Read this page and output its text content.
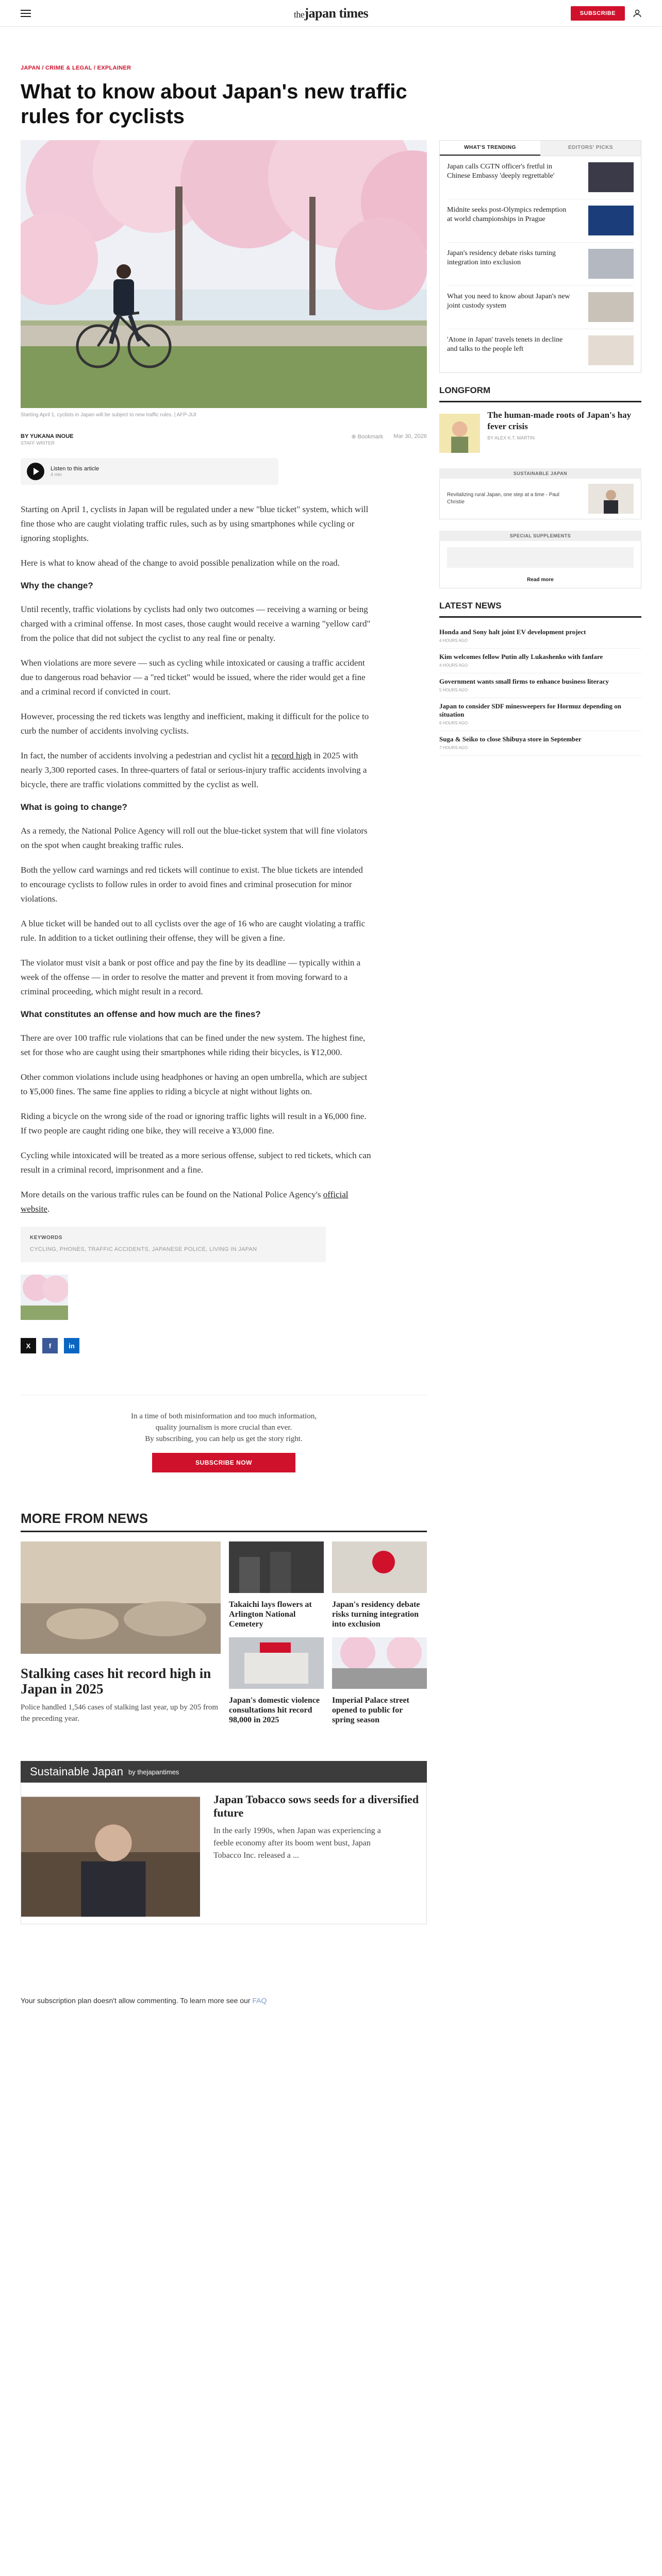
thejapan times	SUBSCRIBE
JAPAN / CRIME & LEGAL / EXPLAINER
What to know about Japan's new traffic rules for cyclists
Starting April 1, cyclists in Japan will be subject to new traffic rules. | AFP-JIJI
BY YUKANA INOUE
STAFF WRITER
⊕ Bookmark Mar 30, 2026
Listen to this article
4 min

Starting on April 1, cyclists in Japan will be regulated under a new "blue ticket" system, which will fine those who are caught violating traffic rules, such as by using smartphones while cycling or ignoring stoplights.

Here is what to know ahead of the change to avoid possible penalization while on the road.

Why the change?

Until recently, traffic violations by cyclists had only two outcomes — receiving a warning or being charged with a criminal offense. In most cases, those caught would receive a warning "yellow card" from the police that did not subject the cyclist to any real fine or penalty.

When violations are more severe — such as cycling while intoxicated or causing a traffic accident due to dangerous road behavior — a "red ticket" would be issued, where the rider would get a fine and a criminal record if convicted in court.

However, processing the red tickets was lengthy and inefficient, making it difficult for the police to curb the number of accidents involving cyclists.

In fact, the number of accidents involving a pedestrian and cyclist hit a record high in 2025 with nearly 3,300 reported cases. In three-quarters of fatal or serious-injury traffic accidents involving a bicycle, there are traffic violations committed by the cyclist as well.

What is going to change?

As a remedy, the National Police Agency will roll out the blue-ticket system that will fine violators on the spot when caught breaking traffic rules.

Both the yellow card warnings and red tickets will continue to exist. The blue tickets are intended to encourage cyclists to follow rules in order to avoid fines and criminal prosecution for minor violations.

A blue ticket will be handed out to all cyclists over the age of 16 who are caught violating a traffic rule. In addition to a ticket outlining their offense, they will be given a fine.

The violator must visit a bank or post office and pay the fine by its deadline — typically within a week of the offense — in order to resolve the matter and prevent it from moving forward to a criminal proceeding, which might result in a record.

What constitutes an offense and how much are the fines?

There are over 100 traffic rule violations that can be fined under the new system. The highest fine, set for those who are caught using their smartphones while riding their bicycles, is ¥12,000.

Other common violations include using headphones or having an open umbrella, which are subject to ¥5,000 fines. The same fine applies to riding a bicycle at night without lights on.

Riding a bicycle on the wrong side of the road or ignoring traffic lights will result in a ¥6,000 fine. If two people are caught riding one bike, they will receive a ¥3,000 fine.

Cycling while intoxicated will be treated as a more serious offense, subject to red tickets, which can result in a criminal record, imprisonment and a fine.

More details on the various traffic rules can be found on the National Police Agency's official website.

KEYWORDS
CYCLING, PHONES, TRAFFIC ACCIDENTS, JAPANESE POLICE, LIVING IN JAPAN
X	f	in

In a time of both misinformation and too much information,

quality journalism is more crucial than ever.

By subscribing, you can help us get the story right.

SUBSCRIBE NOW
WHAT'S TRENDING	EDITORS' PICKS
Japan calls CGTN officer's fretful in Chinese Embassy 'deeply regrettable'
Midnite seeks post-Olympics redemption at world championships in Prague
Japan's residency debate risks turning integration into exclusion
What you need to know about Japan's new joint custody system
'Atone in Japan' travels tenets in decline and talks to the people left
LONGFORM
The human-made roots of Japan's hay fever crisis
BY ALEX K.T. MARTIN
SUSTAINABLE JAPAN
Revitalizing rural Japan, one step at a time - Paul Christie
SPECIAL SUPPLEMENTS
Read more
LATEST NEWS
Honda and Sony halt joint EV development project
4 HOURS AGO
Kim welcomes fellow Putin ally Lukashenko with fanfare
4 HOURS AGO
Government wants small firms to enhance business literacy
5 HOURS AGO
Japan to consider SDF minesweepers for Hormuz depending on situation
6 HOURS AGO
Suga & Seiko to close Shibuya store in September
7 HOURS AGO
MORE FROM NEWS
Stalking cases hit record high in Japan in 2025
Police handled 1,546 cases of stalking last year, up by 205 from the preceding year.
Takaichi lays flowers at Arlington National Cemetery
Japan's residency debate risks turning integration into exclusion
Japan's domestic violence consultations hit record 98,000 in 2025
Imperial Palace street opened to public for spring season
Sustainable Japan by thejapantimes
Japan Tobacco sows seeds for a diversified future
In the early 1990s, when Japan was experiencing a feeble economy after its boom went bust, Japan Tobacco Inc. released a ...
Your subscription plan doesn't allow commenting. To learn more see our FAQ
